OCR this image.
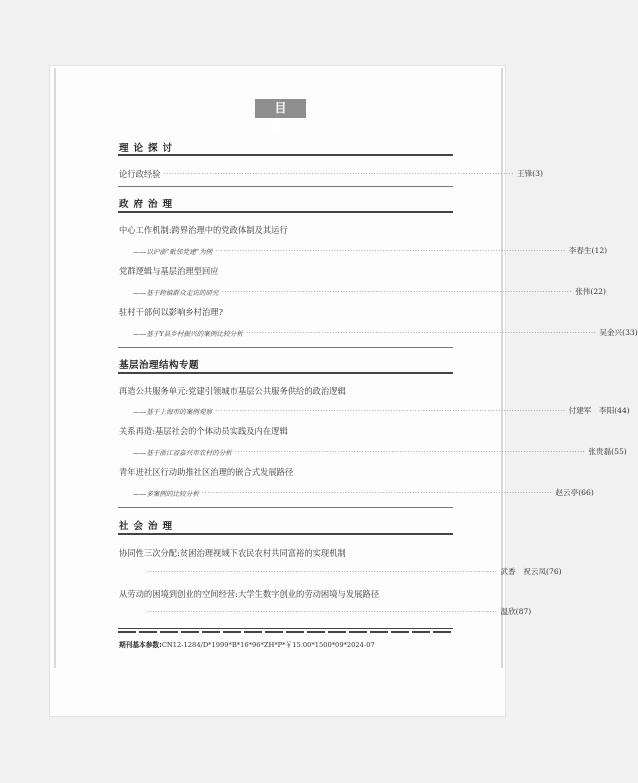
目 录
理论探讨
论行政经验 ·································································································································· 王锋(3)
政府治理
中心工作机制:跨界治理中的党政体制及其运行
——以沪浙“毗邻党建”为例 ·································································································································· 李春生(12)
党群逻辑与基层治理型回应
——基于跨镇群众走访的研究 ·································································································································· 张伟(22)
驻村干部何以影响乡村治理?
——基于Y县乡村振兴的案例比较分析 ·································································································································· 吴金兴(33)
基层治理结构专题
再造公共服务单元:党建引领城市基层公共服务供给的政治逻辑
——基于上海市的案例观察 ·································································································································· 付建军　李阳(44)
关系再造:基层社会的个体动员实践及内在逻辑
——基于浙江省嘉兴市农村的分析 ·································································································································· 张贵磊(55)
青年进社区行动助推社区治理的嵌合式发展路径
——多案例的比较分析 ·································································································································· 赵云亭(66)
社会治理
协同性三次分配:贫困治理视域下农民农村共同富裕的实现机制
·································································································································· 武香　祝云凤(76)
从劳动的困境到创业的空间经营:大学生数字创业的劳动困境与发展路径
·································································································································· 温欣(87)
期刊基本参数:CN12-1284/D*1999*B*16*96*ZH*P*￥15.00*1500*09*2024-07
